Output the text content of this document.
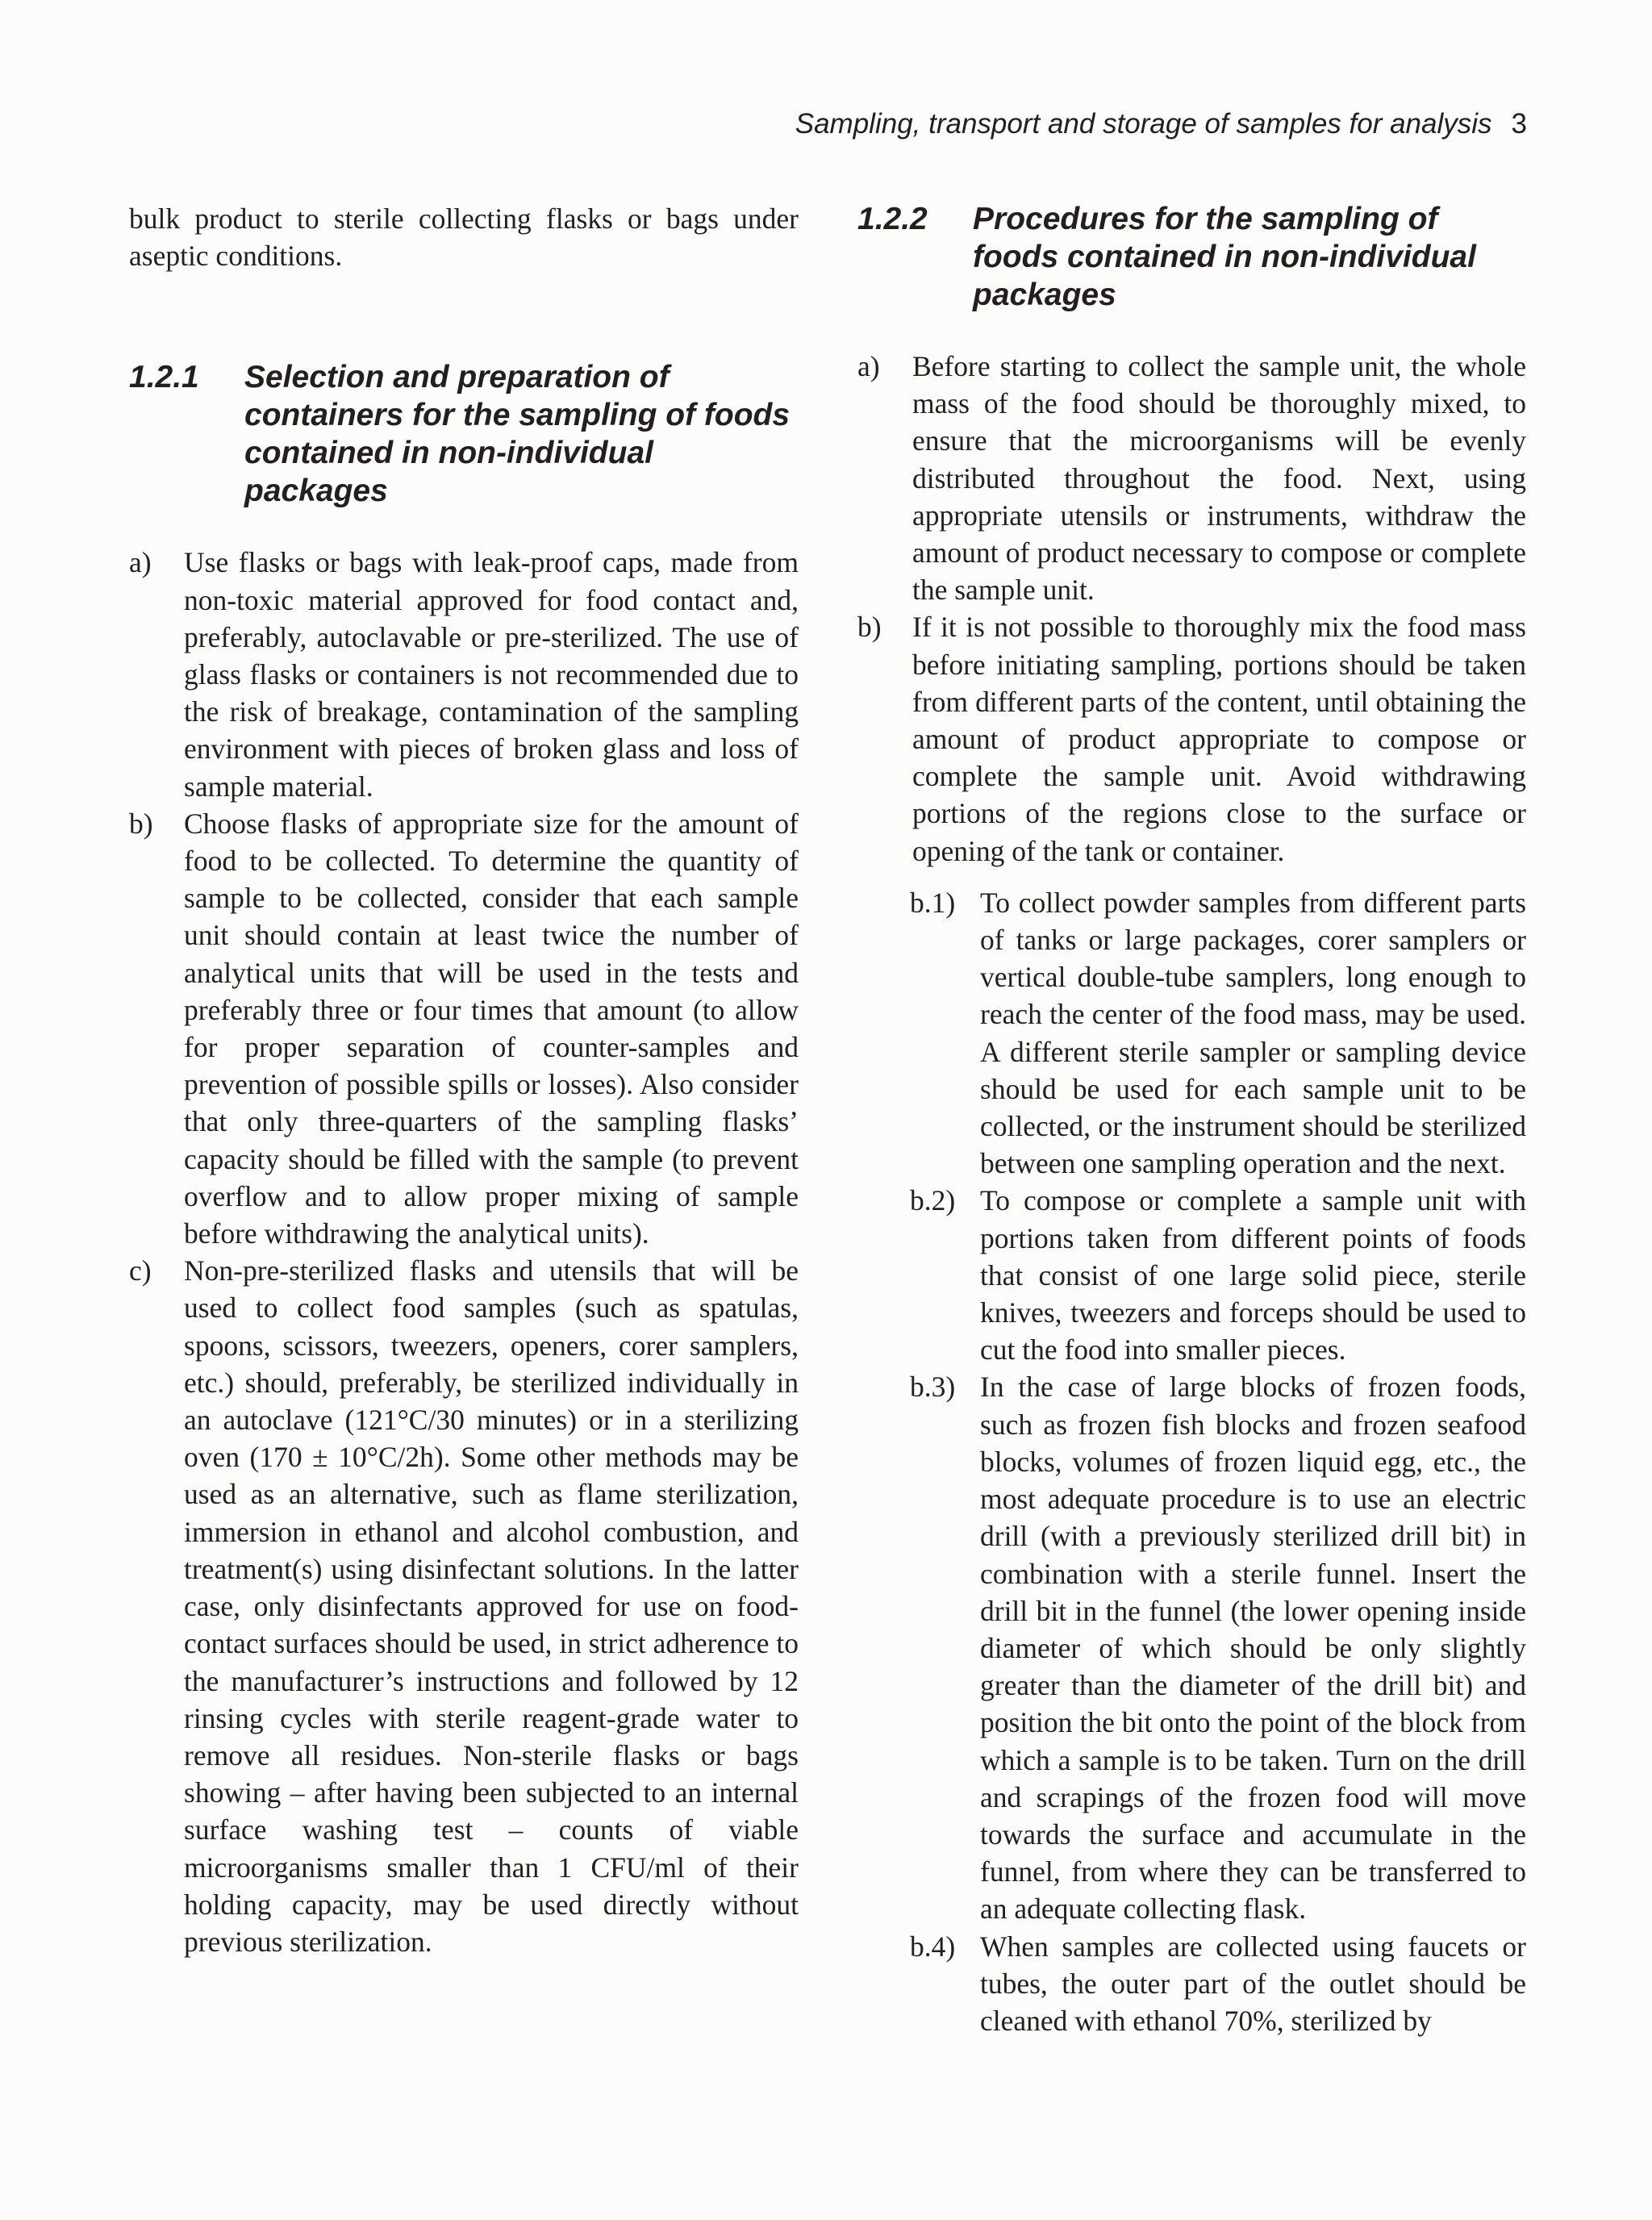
Sampling, transport and storage of samples for analysis 3

bulk product to sterile collecting flasks or bags under aseptic conditions.

1.2.1	Selection and preparation of containers for the sampling of foods contained in non-individual packages
a)	Use flasks or bags with leak-proof caps, made from non-toxic material approved for food contact and, preferably, autoclavable or pre-sterilized. The use of glass flasks or containers is not recommended due to the risk of breakage, contamination of the sampling environment with pieces of broken glass and loss of sample material.
b)	Choose flasks of appropriate size for the amount of food to be collected. To determine the quantity of sample to be collected, consider that each sample unit should contain at least twice the number of analytical units that will be used in the tests and preferably three or four times that amount (to allow for proper separation of counter-samples and prevention of possible spills or losses). Also consider that only three-quarters of the sampling flasks’ capacity should be filled with the sample (to prevent overflow and to allow proper mixing of sample before withdrawing the analytical units).
c)	Non-pre-sterilized flasks and utensils that will be used to collect food samples (such as spatulas, spoons, scissors, tweezers, openers, corer samplers, etc.) should, preferably, be sterilized individually in an autoclave (121°C/30 minutes) or in a sterilizing oven (170 ± 10°C/2h). Some other methods may be used as an alternative, such as flame sterilization, immersion in ethanol and alcohol combustion, and treatment(s) using disinfectant solutions. In the latter case, only disinfectants approved for use on food-contact surfaces should be used, in strict adherence to the manufacturer’s instructions and followed by 12 rinsing cycles with sterile reagent-grade water to remove all residues. Non-sterile flasks or bags showing – after having been subjected to an internal surface washing test – counts of viable microorganisms smaller than 1 CFU/ml of their holding capacity, may be used directly without previous sterilization.
1.2.2	Procedures for the sampling of foods contained in non-individual packages
a)	Before starting to collect the sample unit, the whole mass of the food should be thoroughly mixed, to ensure that the microorganisms will be evenly distributed throughout the food. Next, using appropriate utensils or instruments, withdraw the amount of product necessary to compose or complete the sample unit.
b)	If it is not possible to thoroughly mix the food mass before initiating sampling, portions should be taken from different parts of the content, until obtaining the amount of product appropriate to compose or complete the sample unit. Avoid withdrawing portions of the regions close to the surface or opening of the tank or container.
b.1) To collect powder samples from different parts of tanks or large packages, corer samplers or vertical double-tube samplers, long enough to reach the center of the food mass, may be used. A different sterile sampler or sampling device should be used for each sample unit to be collected, or the instrument should be sterilized between one sampling operation and the next.
b.2) To compose or complete a sample unit with portions taken from different points of foods that consist of one large solid piece, sterile knives, tweezers and forceps should be used to cut the food into smaller pieces.
b.3) In the case of large blocks of frozen foods, such as frozen fish blocks and frozen seafood blocks, volumes of frozen liquid egg, etc., the most adequate procedure is to use an electric drill (with a previously sterilized drill bit) in combination with a sterile funnel. Insert the drill bit in the funnel (the lower opening inside diameter of which should be only slightly greater than the diameter of the drill bit) and position the bit onto the point of the block from which a sample is to be taken. Turn on the drill and scrapings of the frozen food will move towards the surface and accumulate in the funnel, from where they can be transferred to an adequate collecting flask.
b.4) When samples are collected using faucets or tubes, the outer part of the outlet should be cleaned with ethanol 70%, sterilized by
